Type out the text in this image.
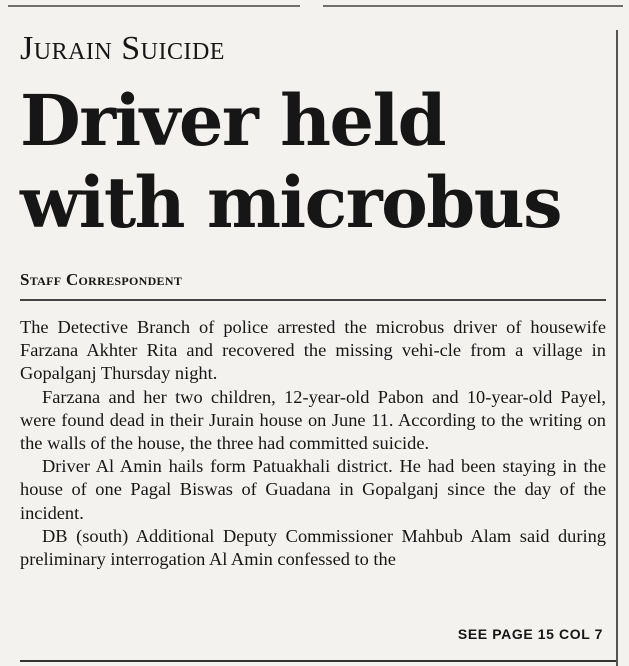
Jurain Suicide
Driver held
with microbus
Staff Correspondent

The Detective Branch of police arrested the microbus driver of housewife Farzana Akhter Rita and recovered the missing vehi-cle from a village in Gopalganj Thursday night.

Farzana and her two children, 12-year-old Pabon and 10-year-old Payel, were found dead in their Jurain house on June 11. According to the writing on the walls of the house, the three had committed suicide.

Driver Al Amin hails form Patuakhali district. He had been staying in the house of one Pagal Biswas of Guadana in Gopalganj since the day of the incident.

DB (south) Additional Deputy Commissioner Mahbub Alam said during preliminary interrogation Al Amin confessed to the

SEE PAGE 15 COL 7
